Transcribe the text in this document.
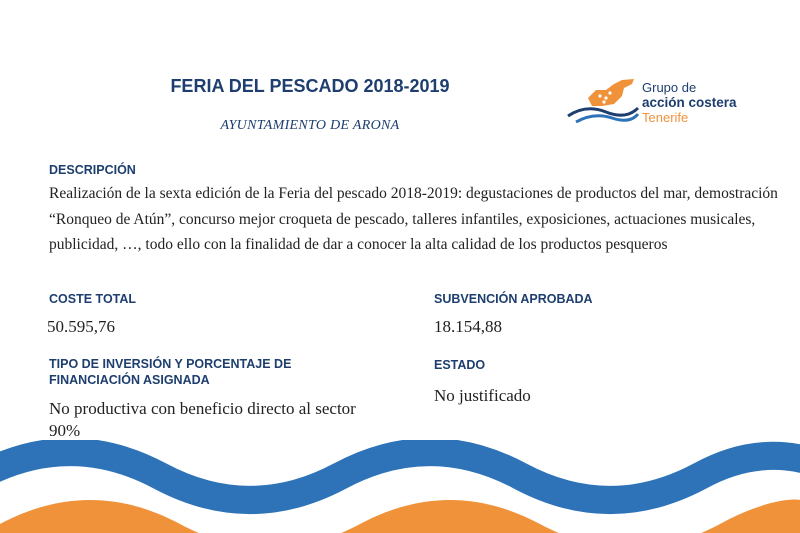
FERIA DEL PESCADO 2018-2019
AYUNTAMIENTO DE ARONA
Grupo de
acción costera
Tenerife
DESCRIPCIÓN
Realización de la sexta edición de la Feria del pescado 2018-2019: degustaciones de productos del mar, demostración “Ronqueo de Atún”, concurso mejor croqueta de pescado, talleres infantiles, exposiciones, actuaciones musicales, publicidad, …, todo ello con la finalidad de dar a conocer la alta calidad de los productos pesqueros
COSTE TOTAL
50.595,76
SUBVENCIÓN APROBADA
18.154,88
TIPO DE INVERSIÓN Y PORCENTAJE DE
FINANCIACIÓN ASIGNADA
No productiva con beneficio directo al sector
90%
ESTADO
No justificado
